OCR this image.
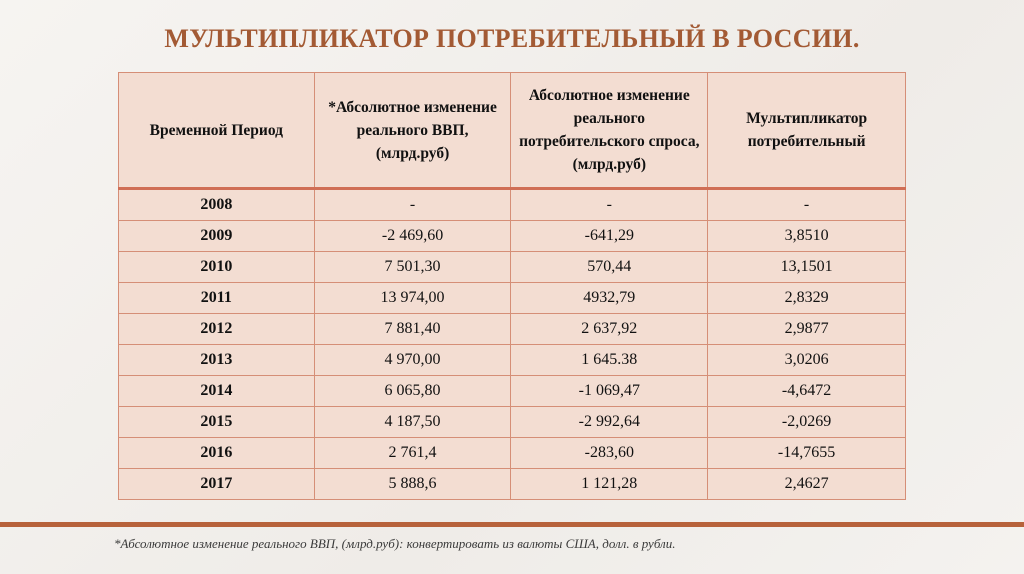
МУЛЬТИПЛИКАТОР ПОТРЕБИТЕЛЬНЫЙ В РОССИИ.
Временной Период	*Абсолютное изменение реального ВВП, (млрд.руб)	Абсолютное изменение реального потребительского спроса, (млрд.руб)	Мультипликатор потребительный
2008	-	-	-
2009	-2 469,60	-641,29	3,8510
2010	7 501,30	570,44	13,1501
2011	13 974,00	4932,79	2,8329
2012	7 881,40	2 637,92	2,9877
2013	4 970,00	1 645.38	3,0206
2014	6 065,80	-1 069,47	-4,6472
2015	4 187,50	-2 992,64	-2,0269
2016	2 761,4	-283,60	-14,7655
2017	5 888,6	1 121,28	2,4627
*Абсолютное изменение реального ВВП, (млрд.руб): конвертировать из валюты США, долл. в рубли.
